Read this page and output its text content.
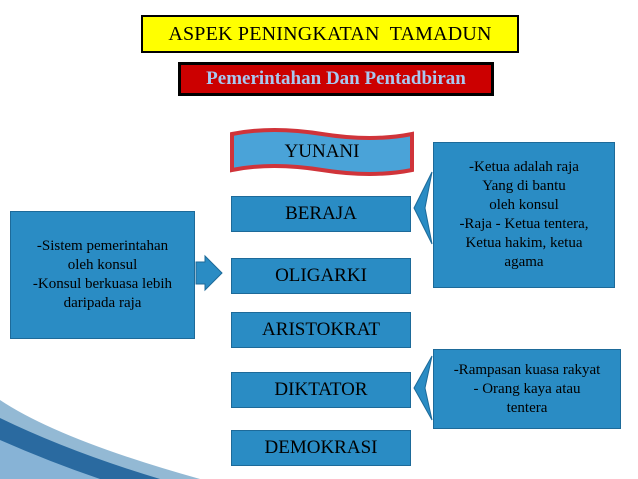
ASPEK PENINGKATAN  TAMADUN
Pemerintahan Dan Pentadbiran
YUNANI
BERAJA
OLIGARKI
ARISTOKRAT
DIKTATOR
DEMOKRASI
-Sistem pemerintahan
oleh konsul
-Konsul berkuasa lebih
daripada raja
-Ketua adalah raja
Yang di bantu
oleh konsul
-Raja - Ketua tentera,
Ketua hakim, ketua
agama
-Rampasan kuasa rakyat
- Orang kaya atau
tentera
